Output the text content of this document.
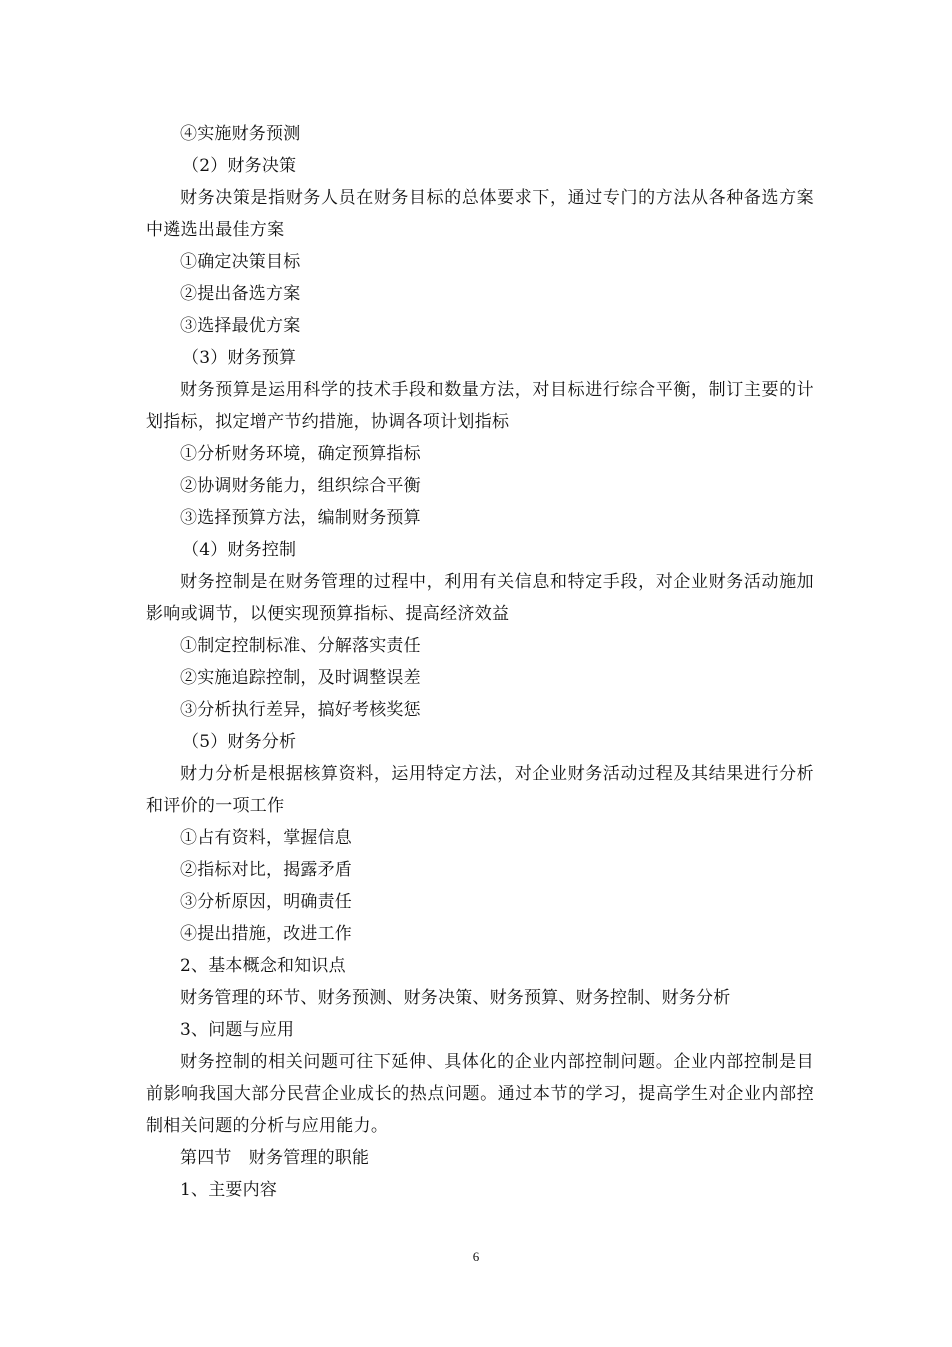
④实施财务预测
（2）财务决策
财务决策是指财务人员在财务目标的总体要求下，通过专门的方法从各种备选方案中遴选出最佳方案
①确定决策目标
②提出备选方案
③选择最优方案
（3）财务预算
财务预算是运用科学的技术手段和数量方法，对目标进行综合平衡，制订主要的计划指标，拟定增产节约措施，协调各项计划指标
①分析财务环境，确定预算指标
②协调财务能力，组织综合平衡
③选择预算方法，编制财务预算
（4）财务控制
财务控制是在财务管理的过程中，利用有关信息和特定手段，对企业财务活动施加影响或调节，以便实现预算指标、提高经济效益
①制定控制标准、分解落实责任
②实施追踪控制，及时调整误差
③分析执行差异，搞好考核奖惩
（5）财务分析
财力分析是根据核算资料，运用特定方法，对企业财务活动过程及其结果进行分析和评价的一项工作
①占有资料，掌握信息
②指标对比，揭露矛盾
③分析原因，明确责任
④提出措施，改进工作
2、基本概念和知识点
财务管理的环节、财务预测、财务决策、财务预算、财务控制、财务分析
3、问题与应用
财务控制的相关问题可往下延伸、具体化的企业内部控制问题。企业内部控制是目前影响我国大部分民营企业成长的热点问题。通过本节的学习，提高学生对企业内部控制相关问题的分析与应用能力。
第四节　财务管理的职能
1、主要内容
6
